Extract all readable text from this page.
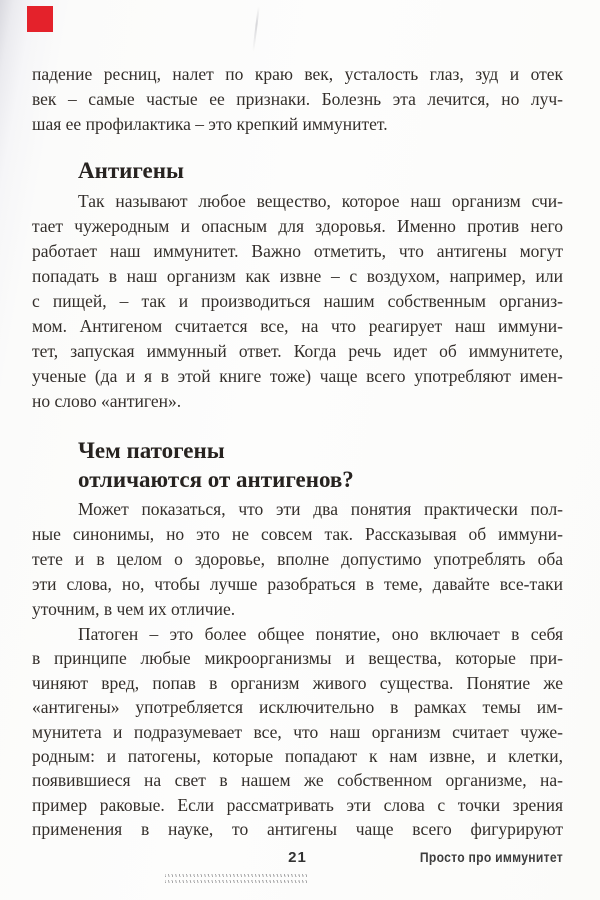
падение ресниц, налет по краю век, усталость глаз, зуд и отек
век – самые частые ее признаки. Болезнь эта лечится, но луч-
шая ее профилактика – это крепкий иммунитет.
Антигены
Так называют любое вещество, которое наш организм счи-
тает чужеродным и опасным для здоровья. Именно против него
работает наш иммунитет. Важно отметить, что антигены могут
попадать в наш организм как извне – с воздухом, например, или
с пищей, – так и производиться нашим собственным организ-
мом. Антигеном считается все, на что реагирует наш иммуни-
тет, запуская иммунный ответ. Когда речь идет об иммунитете,
ученые (да и я в этой книге тоже) чаще всего употребляют имен-
но слово «антиген».
Чем патогены
отличаются от антигенов?
Может показаться, что эти два понятия практически пол-
ные синонимы, но это не совсем так. Рассказывая об иммуни-
тете и в целом о здоровье, вполне допустимо употреблять оба
эти слова, но, чтобы лучше разобраться в теме, давайте все-таки
уточним, в чем их отличие.
Патоген – это более общее понятие, оно включает в себя
в принципе любые микроорганизмы и вещества, которые при-
чиняют вред, попав в организм живого существа. Понятие же
«антигены» употребляется исключительно в рамках темы им-
мунитета и подразумевает все, что наш организм считает чуже-
родным: и патогены, которые попадают к нам извне, и клетки,
появившиеся на свет в нашем же собственном организме, на-
пример раковые. Если рассматривать эти слова с точки зрения
применения в науке, то антигены чаще всего фигурируют
21	Просто про иммунитет
